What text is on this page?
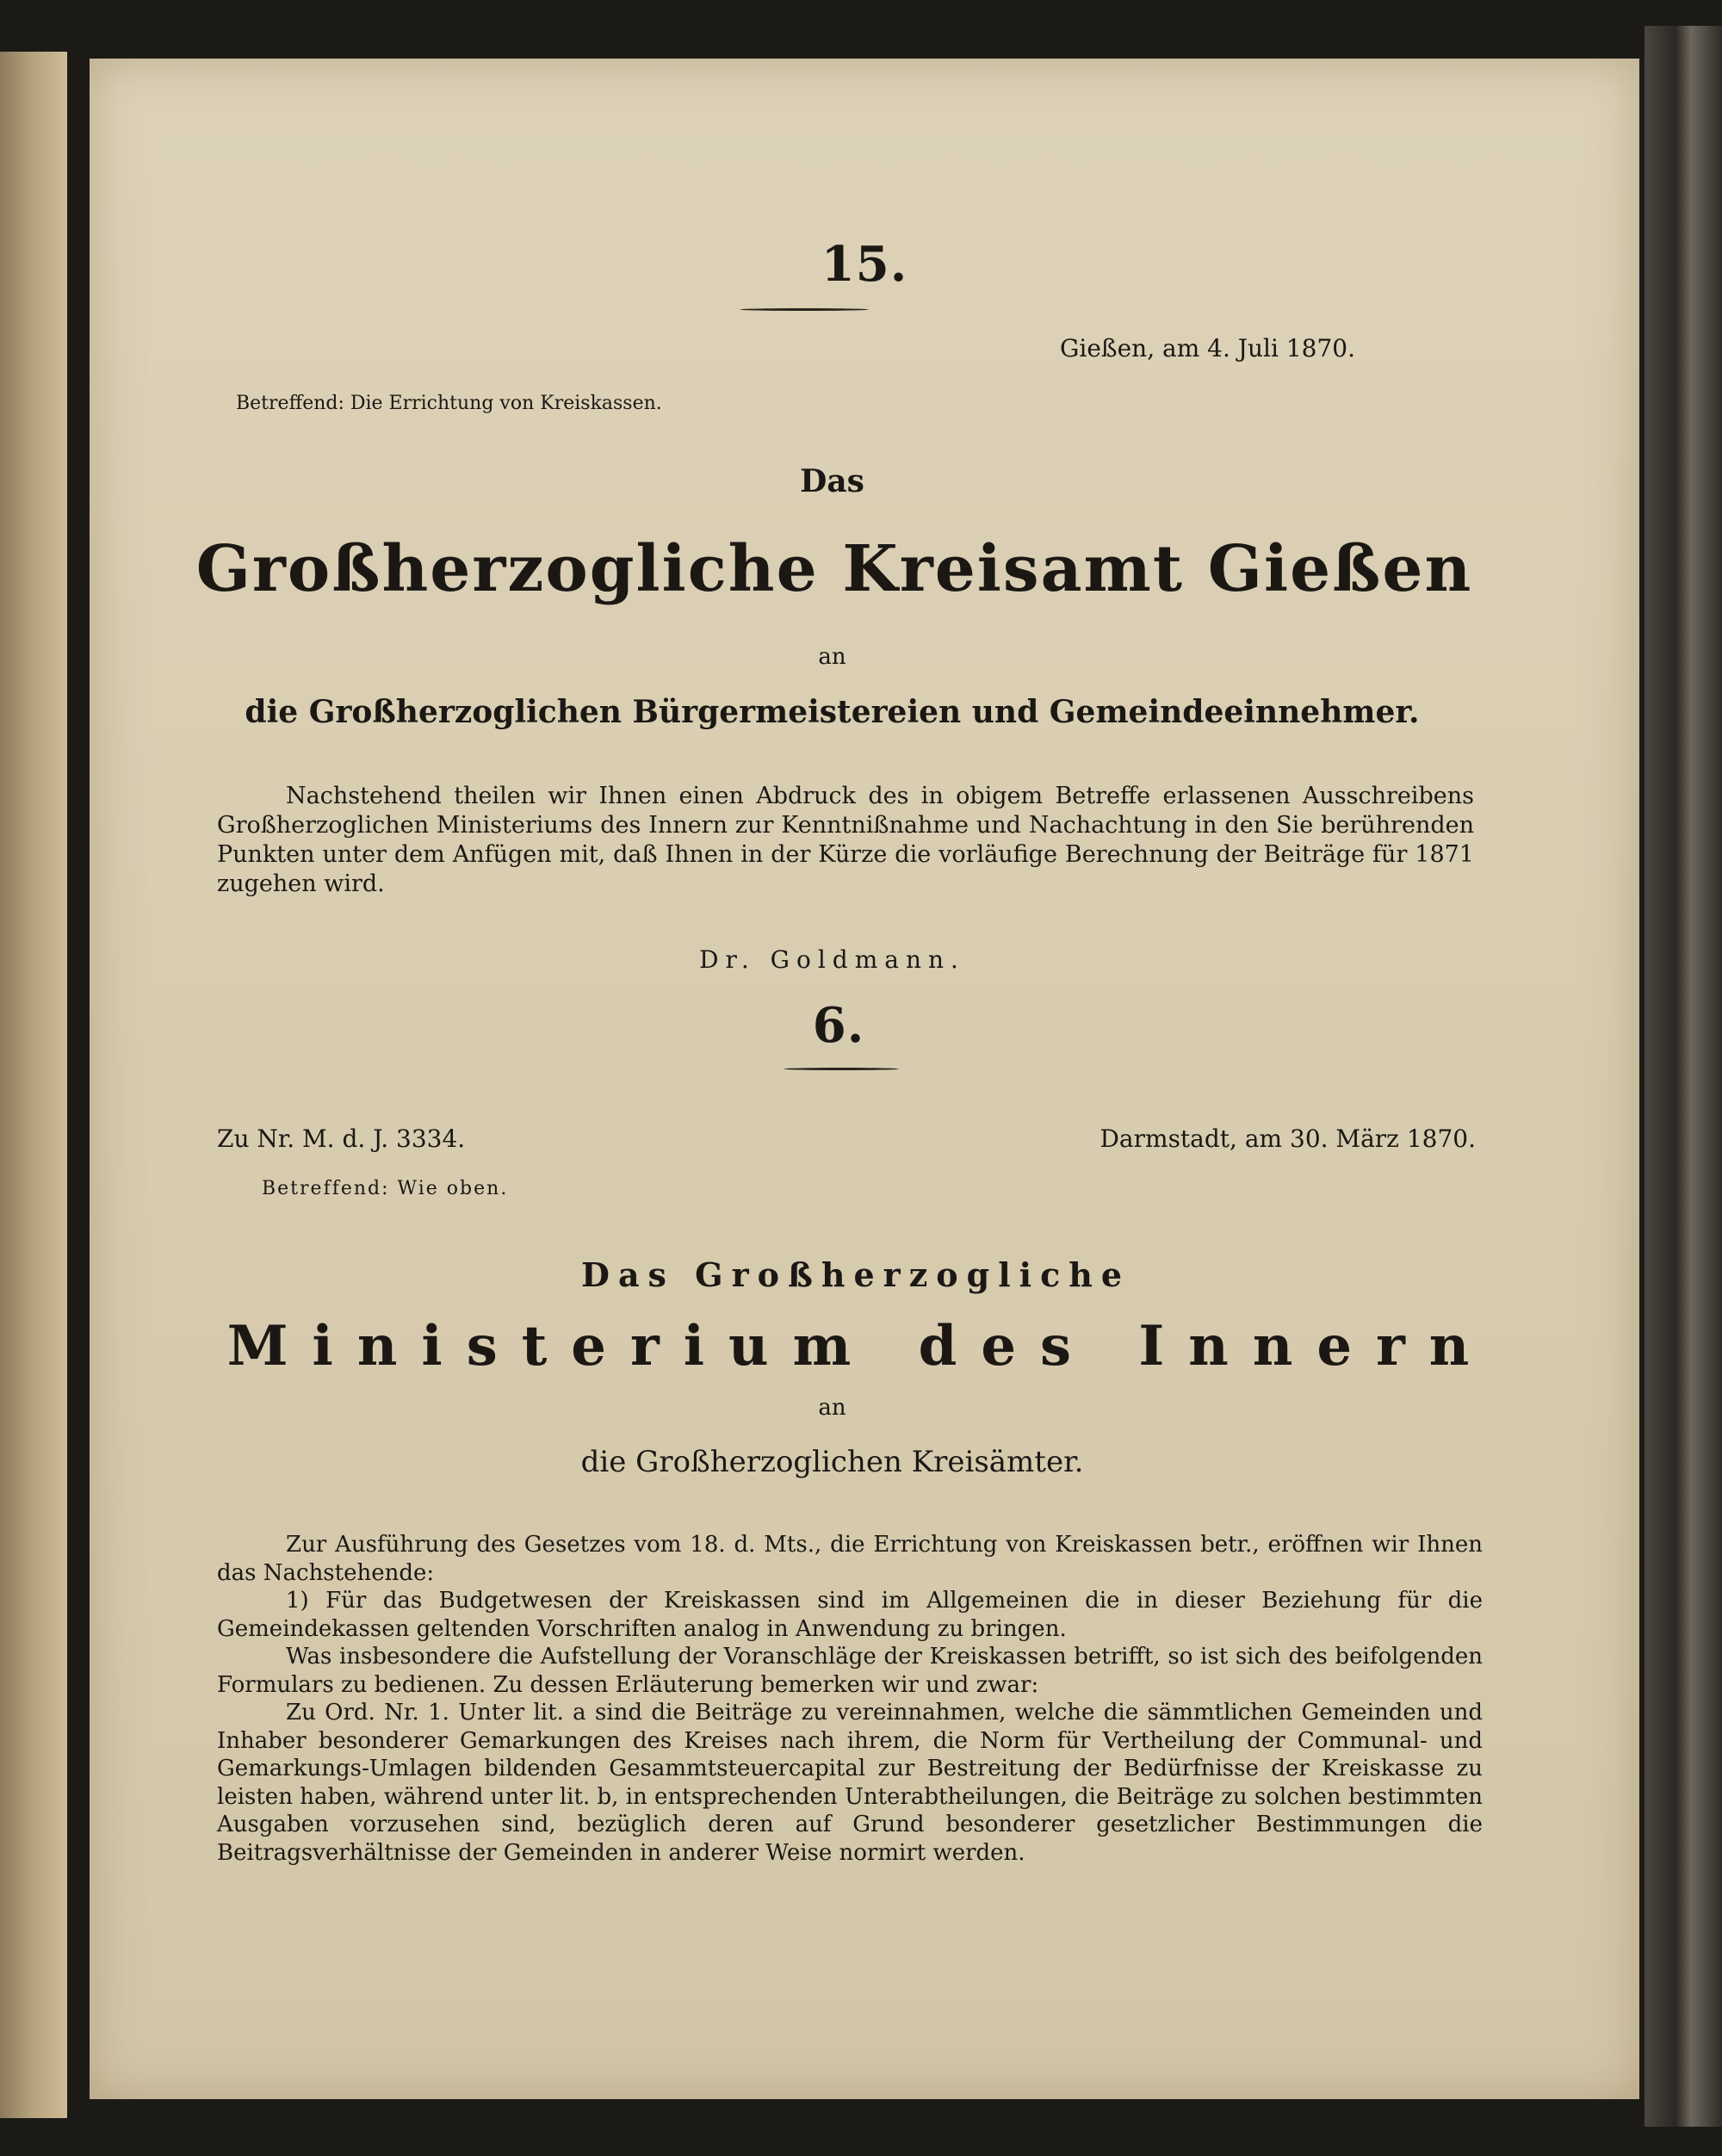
15.
Gießen, am 4. Juli 1870.
Betreffend: Die Errichtung von Kreiskassen.
Das
Großherzogliche Kreisamt Gießen
an
die Großherzoglichen Bürgermeistereien und Gemeindeeinnehmer.
Nachstehend theilen wir Ihnen einen Abdruck des in obigem Betreffe erlassenen Ausschreibens Großherzoglichen Ministeriums des Innern zur Kenntnißnahme und Nachachtung in den Sie berührenden Punkten unter dem Anfügen mit, daß Ihnen in der Kürze die vorläufige Berechnung der Beiträge für 1871 zugehen wird.
Dr. Goldmann.
6.
Zu Nr. M. d. J. 3334.	Darmstadt, am 30. März 1870.
Betreffend: Wie oben.
Das Großherzogliche
Ministerium des Innern
an
die Großherzoglichen Kreisämter.
Zur Ausführung des Gesetzes vom 18. d. Mts., die Errichtung von Kreiskassen betr., eröffnen wir Ihnen das Nachstehende:
1) Für das Budgetwesen der Kreiskassen sind im Allgemeinen die in dieser Beziehung für die Gemeindekassen geltenden Vorschriften analog in Anwendung zu bringen.
Was insbesondere die Aufstellung der Voranschläge der Kreiskassen betrifft, so ist sich des beifolgenden Formulars zu bedienen. Zu dessen Erläuterung bemerken wir und zwar:
Zu Ord. Nr. 1. Unter lit. a sind die Beiträge zu vereinnahmen, welche die sämmtlichen Gemeinden und Inhaber besonderer Gemarkungen des Kreises nach ihrem, die Norm für Vertheilung der Communal- und Gemarkungs-Umlagen bildenden Gesammtsteuercapital zur Bestreitung der Bedürfnisse der Kreiskasse zu leisten haben, während unter lit. b, in entsprechenden Unterabtheilungen, die Beiträge zu solchen bestimmten Ausgaben vorzusehen sind, bezüglich deren auf Grund besonderer gesetzlicher Bestimmungen die Beitragsverhältnisse der Gemeinden in anderer Weise normirt werden.
